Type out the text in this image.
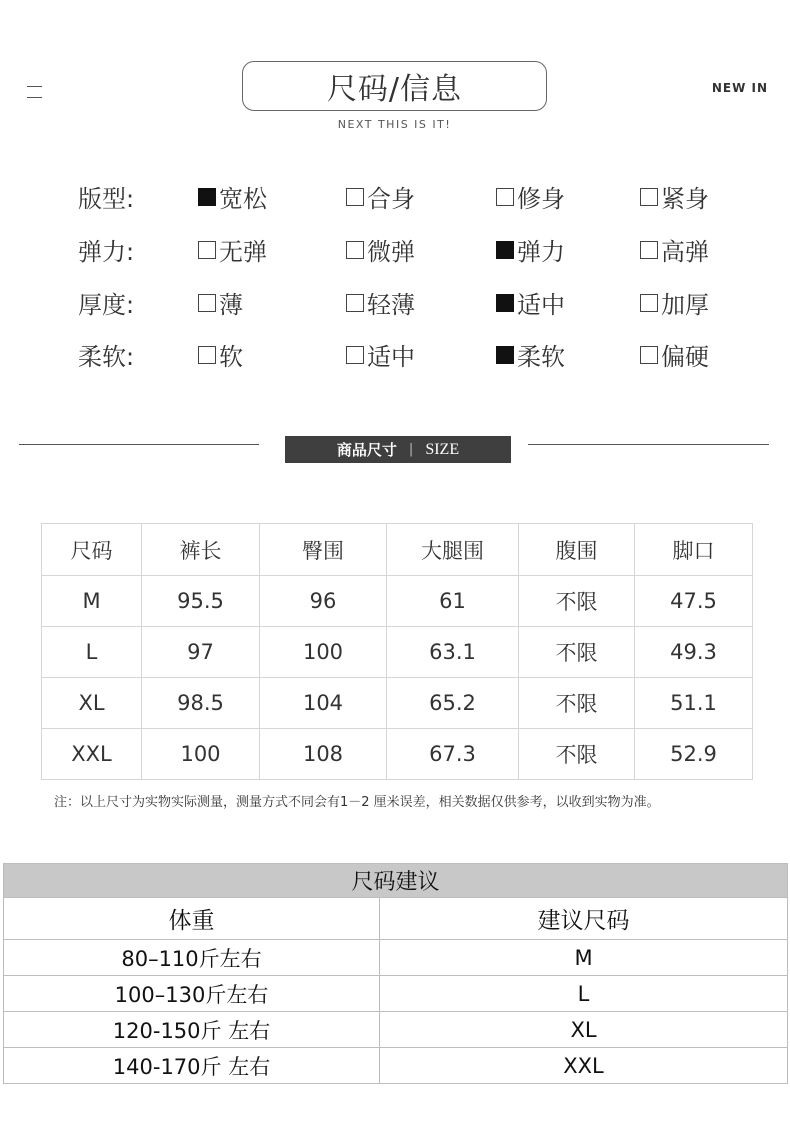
尺码/信息
NEXT THIS IS IT!
NEW IN
版型:	宽松	合身	修身	紧身
弹力:	无弹	微弹	弹力	高弹
厚度:	薄	轻薄	适中	加厚
柔软:	软	适中	柔软	偏硬
商品尺寸 | SIZE
尺码	裤长	臀围	大腿围	腹围	脚口
M	95.5	96	61	不限	47.5
L	97	100	63.1	不限	49.3
XL	98.5	104	65.2	不限	51.1
XXL	100	108	67.3	不限	52.9
注：以上尺寸为实物实际测量，测量方式不同会有1－2 厘米误差，相关数据仅供参考，以收到实物为准。
尺码建议	
体重	建议尺码
80–110斤左右	M
100–130斤左右	L
120-150斤 左右	XL
140-170斤 左右	XXL
